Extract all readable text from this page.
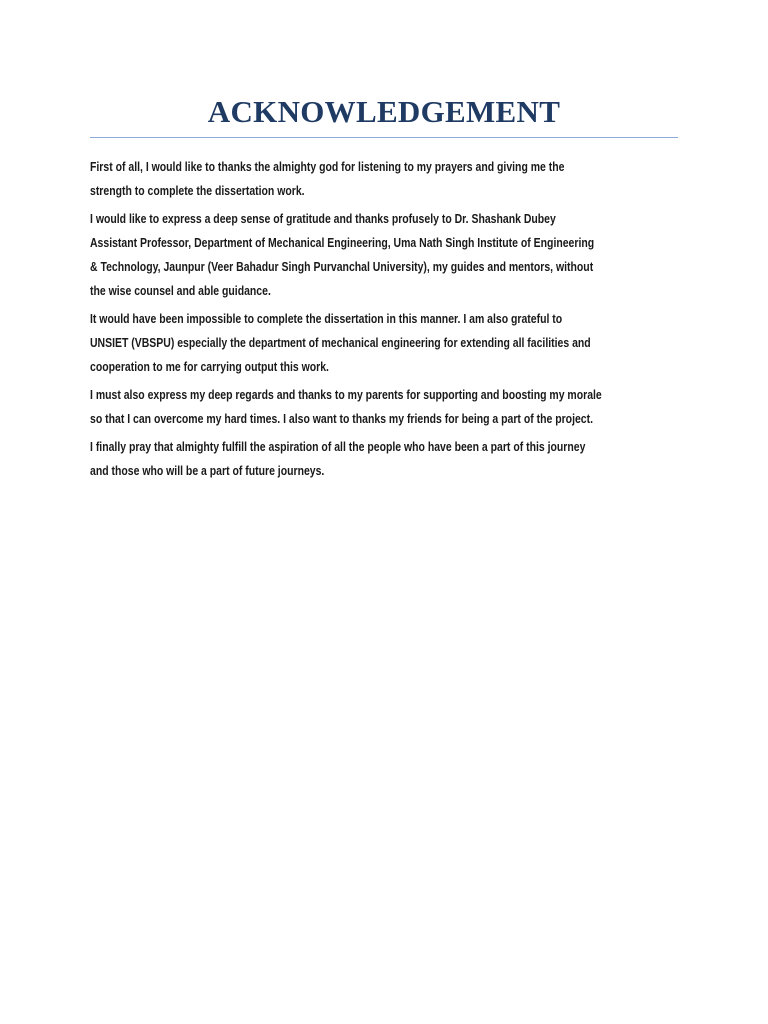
ACKNOWLEDGEMENT
First of all, I would like to thanks the almighty god for listening to my prayers and giving me the
strength to complete the dissertation work.
I would like to express a deep sense of gratitude and thanks profusely to Dr. Shashank Dubey
Assistant Professor, Department of Mechanical Engineering, Uma Nath Singh Institute of Engineering
& Technology, Jaunpur (Veer Bahadur Singh Purvanchal University), my guides and mentors, without
the wise counsel and able guidance.
It would have been impossible to complete the dissertation in this manner. I am also grateful to
UNSIET (VBSPU) especially the department of mechanical engineering for extending all facilities and
cooperation to me for carrying output this work.
I must also express my deep regards and thanks to my parents for supporting and boosting my morale
so that I can overcome my hard times. I also want to thanks my friends for being a part of the project.
I finally pray that almighty fulfill the aspiration of all the people who have been a part of this journey
and those who will be a part of future journeys.
